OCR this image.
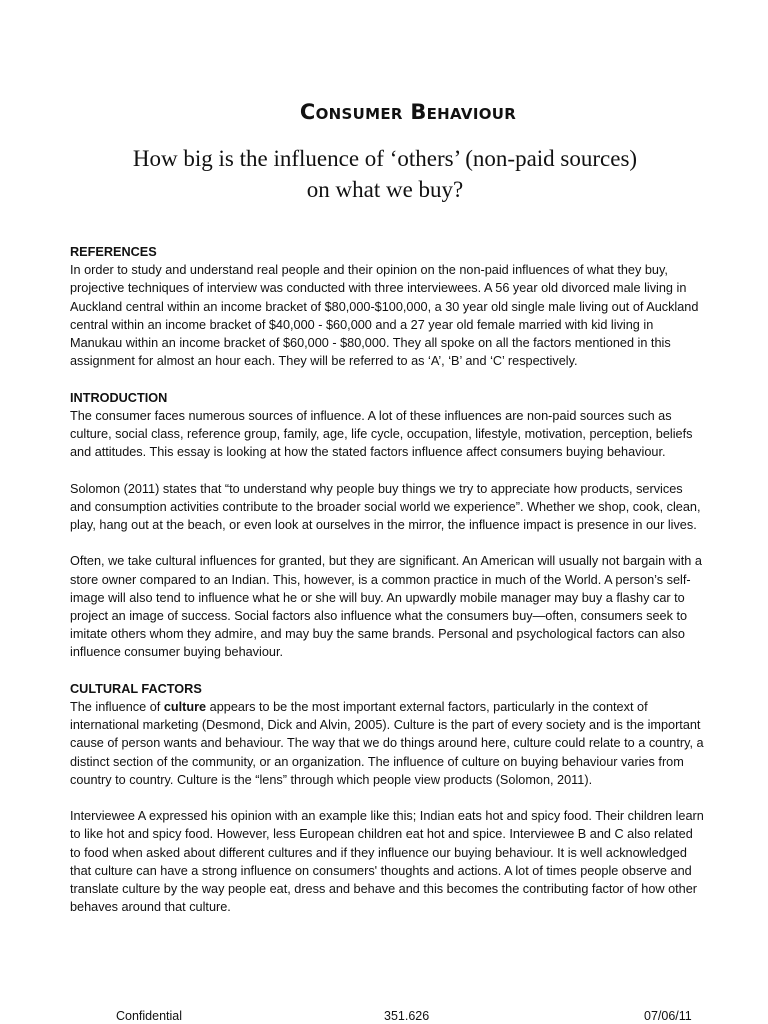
Consumer Behaviour
How big is the influence of ‘others’ (non-paid sources)
on what we buy?
REFERENCES

In order to study and understand real people and their opinion on the non-paid influences of what they buy, projective techniques of interview was conducted with three interviewees. A 56 year old divorced male living in Auckland central within an income bracket of $80,000-$100,000, a 30 year old single male living out of Auckland central within an income bracket of $40,000 - $60,000 and a 27 year old female married with kid living in Manukau within an income bracket of $60,000 - $80,000. They all spoke on all the factors mentioned in this assignment for almost an hour each. They will be referred to as ‘A’, ‘B’ and ‘C’ respectively.

INTRODUCTION

The consumer faces numerous sources of influence. A lot of these influences are non-paid sources such as culture, social class, reference group, family, age, life cycle, occupation, lifestyle, motivation, perception, beliefs and attitudes. This essay is looking at how the stated factors influence affect consumers buying behaviour.

Solomon (2011) states that “to understand why people buy things we try to appreciate how products, services and consumption activities contribute to the broader social world we experience”. Whether we shop, cook, clean, play, hang out at the beach, or even look at ourselves in the mirror, the influence impact is presence in our lives.

Often, we take cultural influences for granted, but they are significant. An American will usually not bargain with a store owner compared to an Indian. This, however, is a common practice in much of the World. A person’s self-image will also tend to influence what he or she will buy. An upwardly mobile manager may buy a flashy car to project an image of success. Social factors also influence what the consumers buy—often, consumers seek to imitate others whom they admire, and may buy the same brands. Personal and psychological factors can also influence consumer buying behaviour.

CULTURAL FACTORS

The influence of culture appears to be the most important external factors, particularly in the context of international marketing (Desmond, Dick and Alvin, 2005). Culture is the part of every society and is the important cause of person wants and behaviour. The way that we do things around here, culture could relate to a country, a distinct section of the community, or an organization. The influence of culture on buying behaviour varies from country to country. Culture is the “lens” through which people view products (Solomon, 2011).

Interviewee A expressed his opinion with an example like this; Indian eats hot and spicy food. Their children learn to like hot and spicy food. However, less European children eat hot and spice. Interviewee B and C also related to food when asked about different cultures and if they influence our buying behaviour. It is well acknowledged that culture can have a strong influence on consumers' thoughts and actions. A lot of times people observe and translate culture by the way people eat, dress and behave and this becomes the contributing factor of how other behaves around that culture.

Confidential	351.626	07/06/11
